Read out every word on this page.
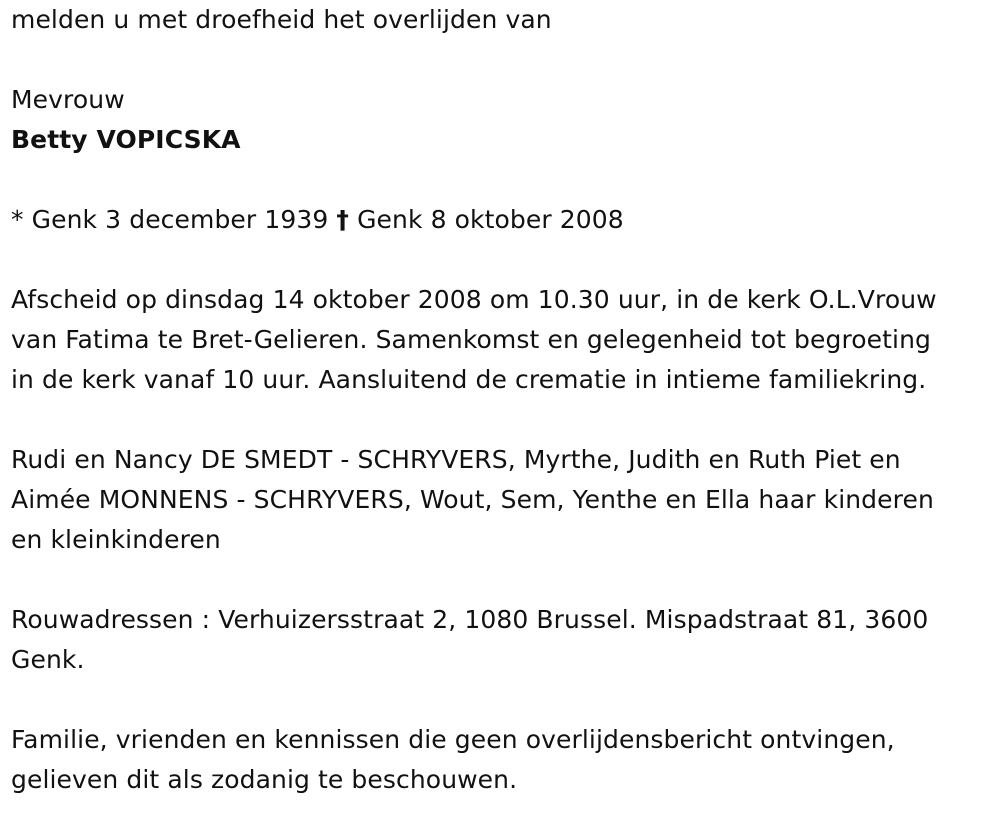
melden u met droefheid het overlijden van
Mevrouw
Betty VOPICSKA
* Genk 3 december 1939 † Genk 8 oktober 2008
Afscheid op dinsdag 14 oktober 2008 om 10.30 uur, in de kerk O.L.Vrouw
van Fatima te Bret-Gelieren. Samenkomst en gelegenheid tot begroeting
in de kerk vanaf 10 uur. Aansluitend de crematie in intieme familiekring.
Rudi en Nancy DE SMEDT - SCHRYVERS, Myrthe, Judith en Ruth Piet en
Aimée MONNENS - SCHRYVERS, Wout, Sem, Yenthe en Ella haar kinderen
en kleinkinderen
Rouwadressen : Verhuizersstraat 2, 1080 Brussel. Mispadstraat 81, 3600
Genk.
Familie, vrienden en kennissen die geen overlijdensbericht ontvingen,
gelieven dit als zodanig te beschouwen.
